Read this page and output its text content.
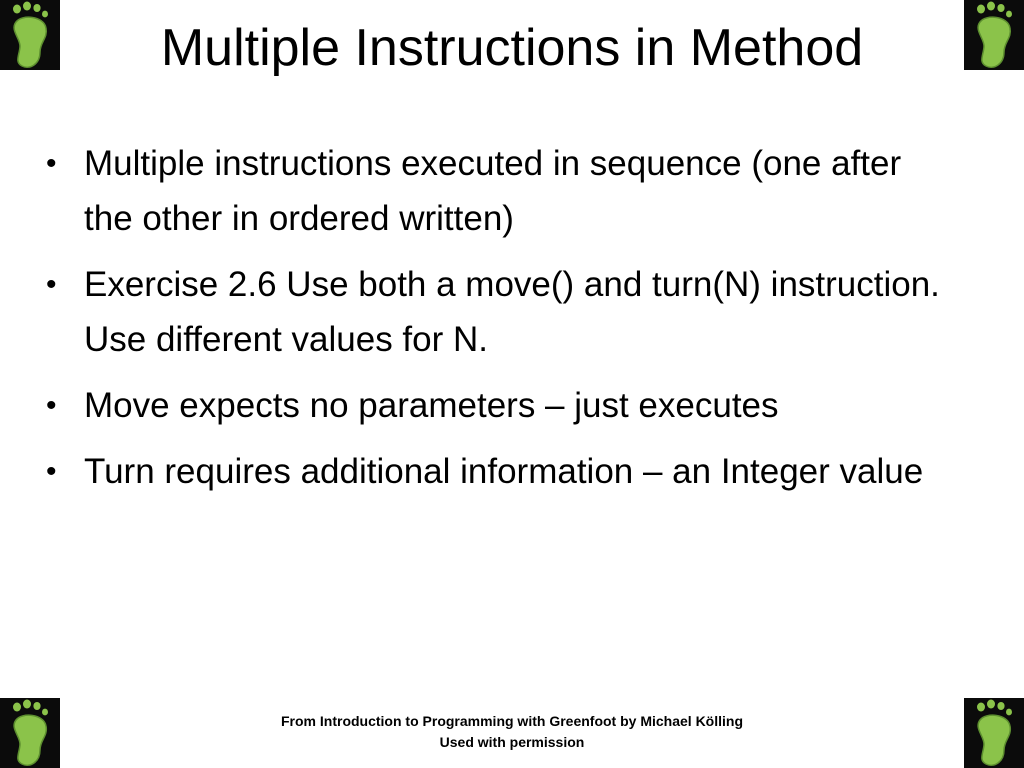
Multiple Instructions in Method
• Multiple instructions executed in sequence (one after the other in ordered written)
• Exercise 2.6 Use both a move() and turn(N) instruction. Use different values for N.
• Move expects no parameters – just executes
• Turn requires additional information – an Integer value
From Introduction to Programming with Greenfoot by Michael Kölling
Used with permission
